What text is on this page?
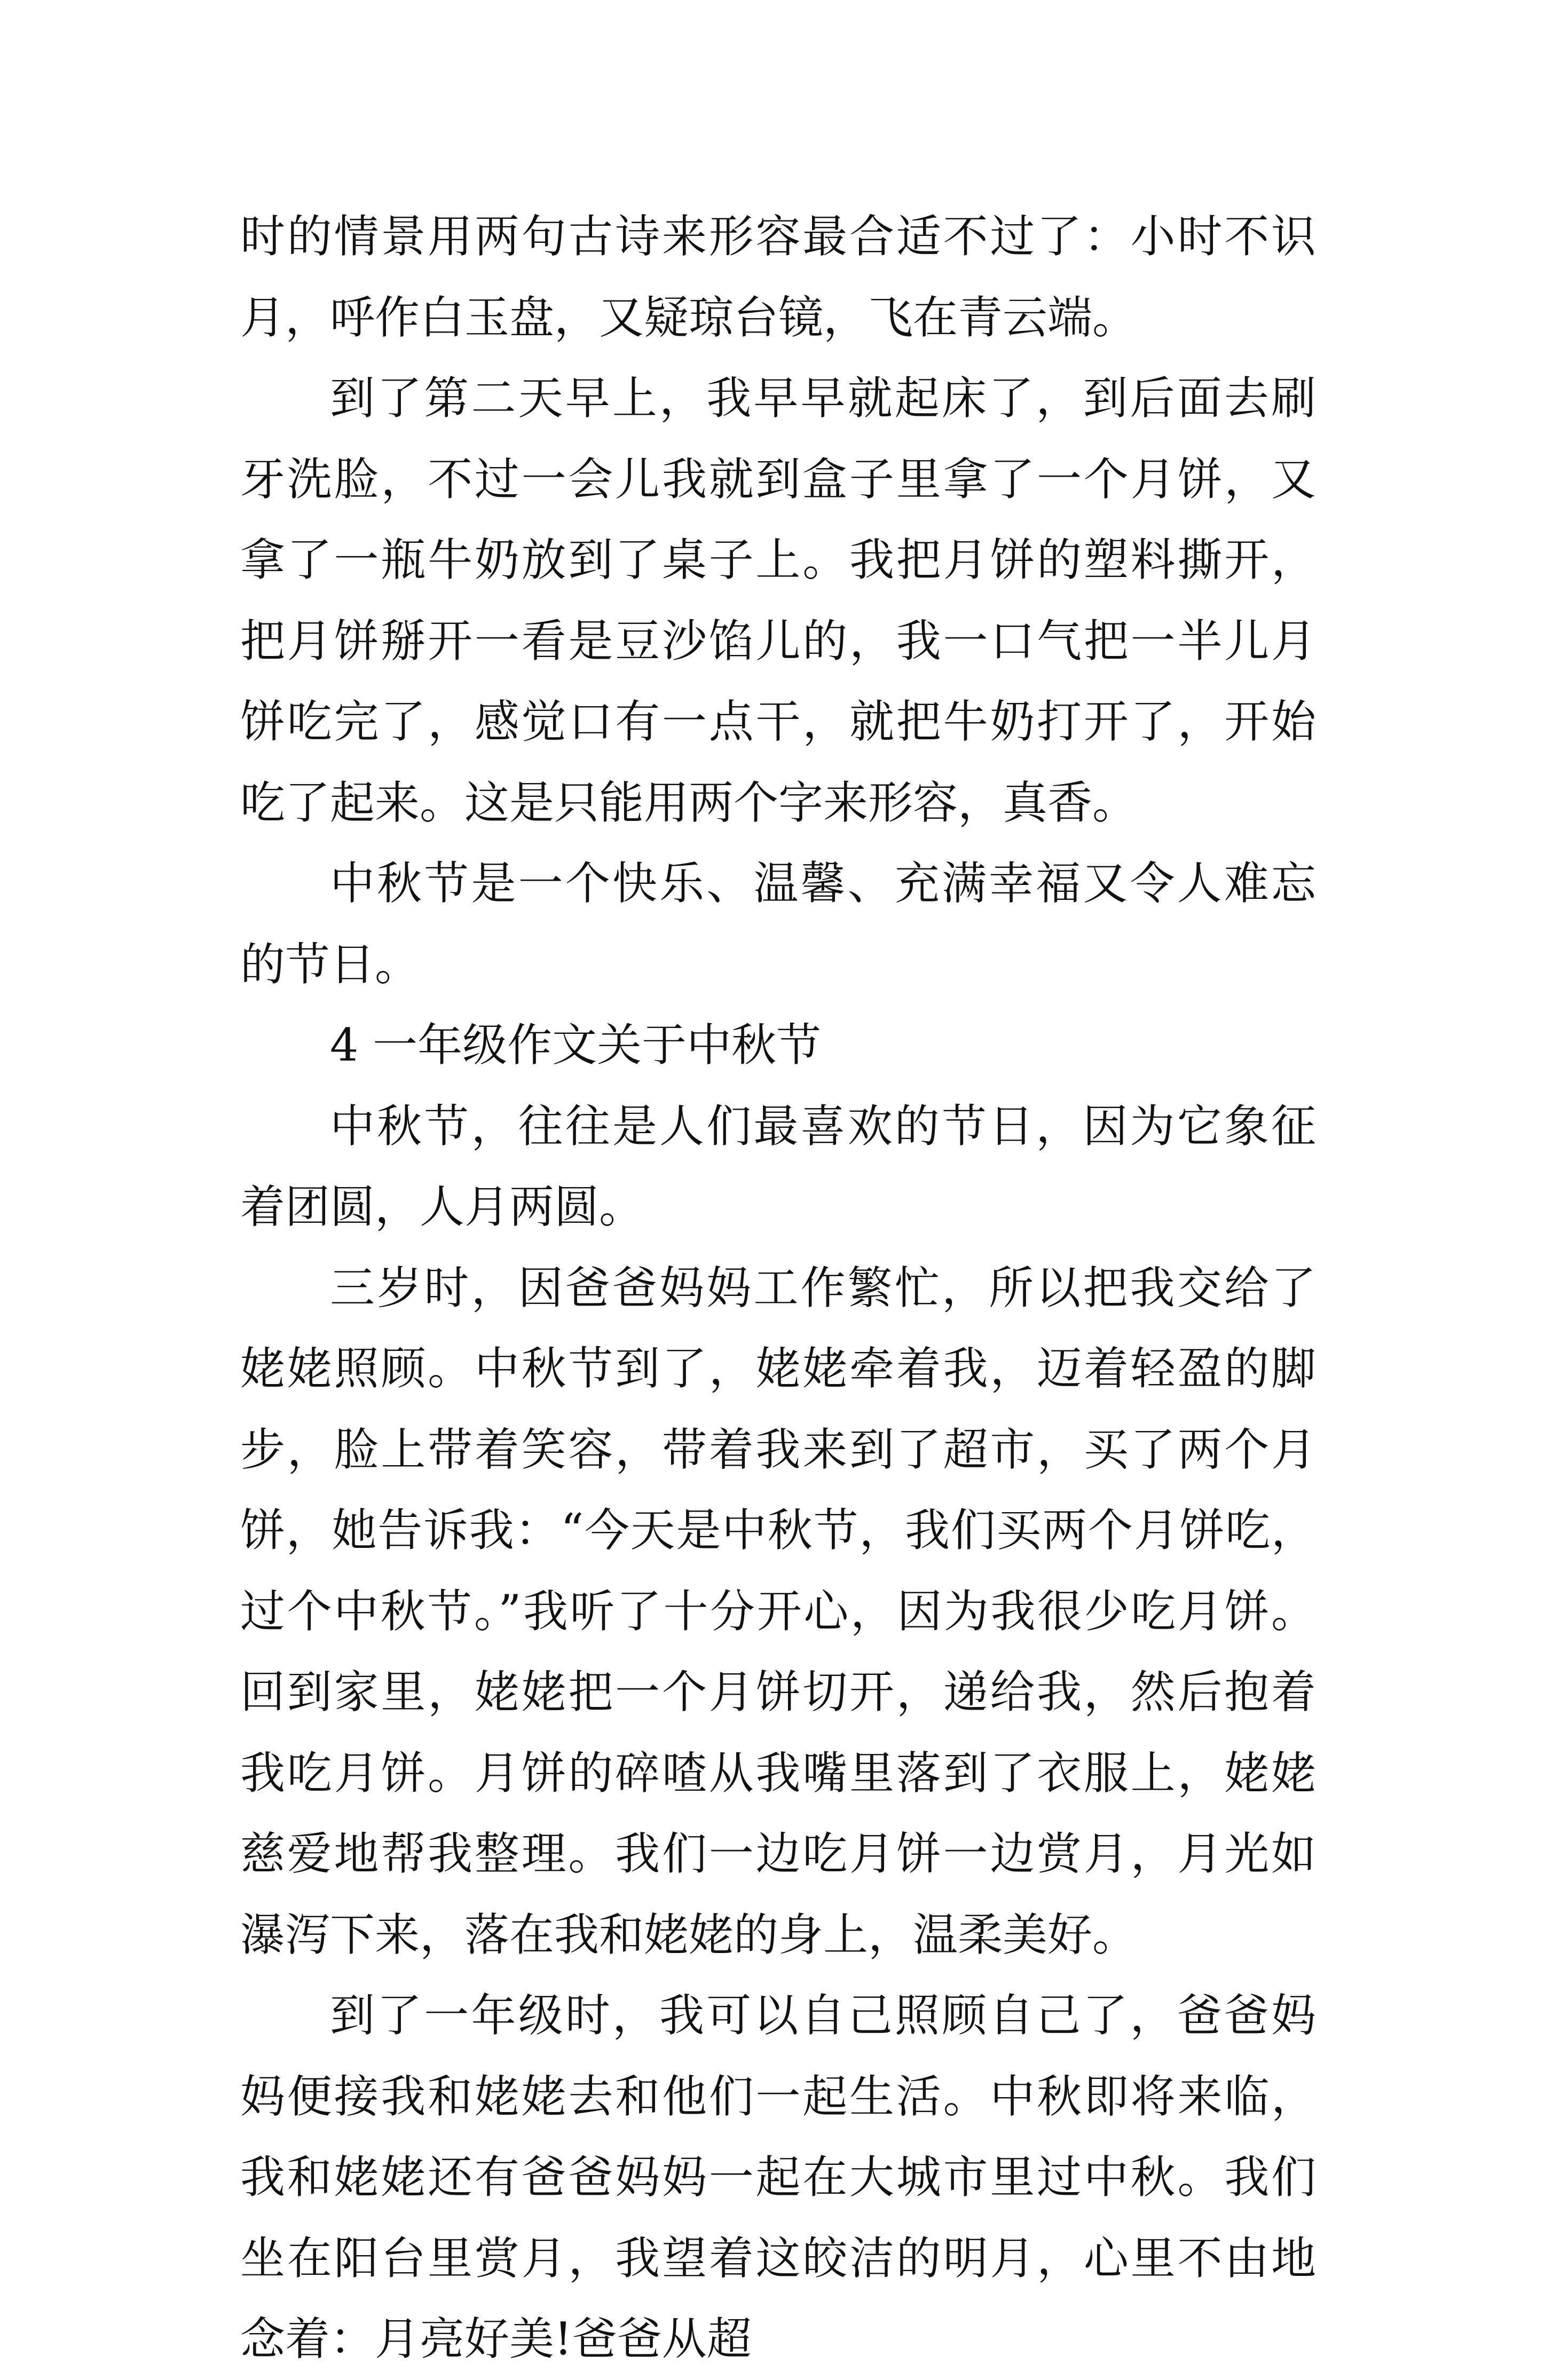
时的情景用两句古诗来形容最合适不过了：小时不识月，呼作白玉盘，又疑琼台镜，飞在青云端。

到了第二天早上，我早早就起床了，到后面去刷牙洗脸，不过一会儿我就到盒子里拿了一个月饼，又拿了一瓶牛奶放到了桌子上。我把月饼的塑料撕开，把月饼掰开一看是豆沙馅儿的，我一口气把一半儿月饼吃完了，感觉口有一点干，就把牛奶打开了，开始吃了起来。这是只能用两个字来形容，真香。

中秋节是一个快乐、温馨、充满幸福又令人难忘的节日。

4 一年级作文关于中秋节

中秋节，往往是人们最喜欢的节日，因为它象征着团圆，人月两圆。

三岁时，因爸爸妈妈工作繁忙，所以把我交给了姥姥照顾。中秋节到了，姥姥牵着我，迈着轻盈的脚步，脸上带着笑容，带着我来到了超市，买了两个月饼，她告诉我：“今天是中秋节，我们买两个月饼吃，过个中秋节。”我听了十分开心，因为我很少吃月饼。回到家里，姥姥把一个月饼切开，递给我，然后抱着我吃月饼。月饼的碎喳从我嘴里落到了衣服上，姥姥慈爱地帮我整理。我们一边吃月饼一边赏月，月光如瀑泻下来，落在我和姥姥的身上，温柔美好。

到了一年级时，我可以自己照顾自己了，爸爸妈妈便接我和姥姥去和他们一起生活。中秋即将来临，我和姥姥还有爸爸妈妈一起在大城市里过中秋。我们坐在阳台里赏月，我望着这皎洁的明月，心里不由地念着：月亮好美!爸爸从超
